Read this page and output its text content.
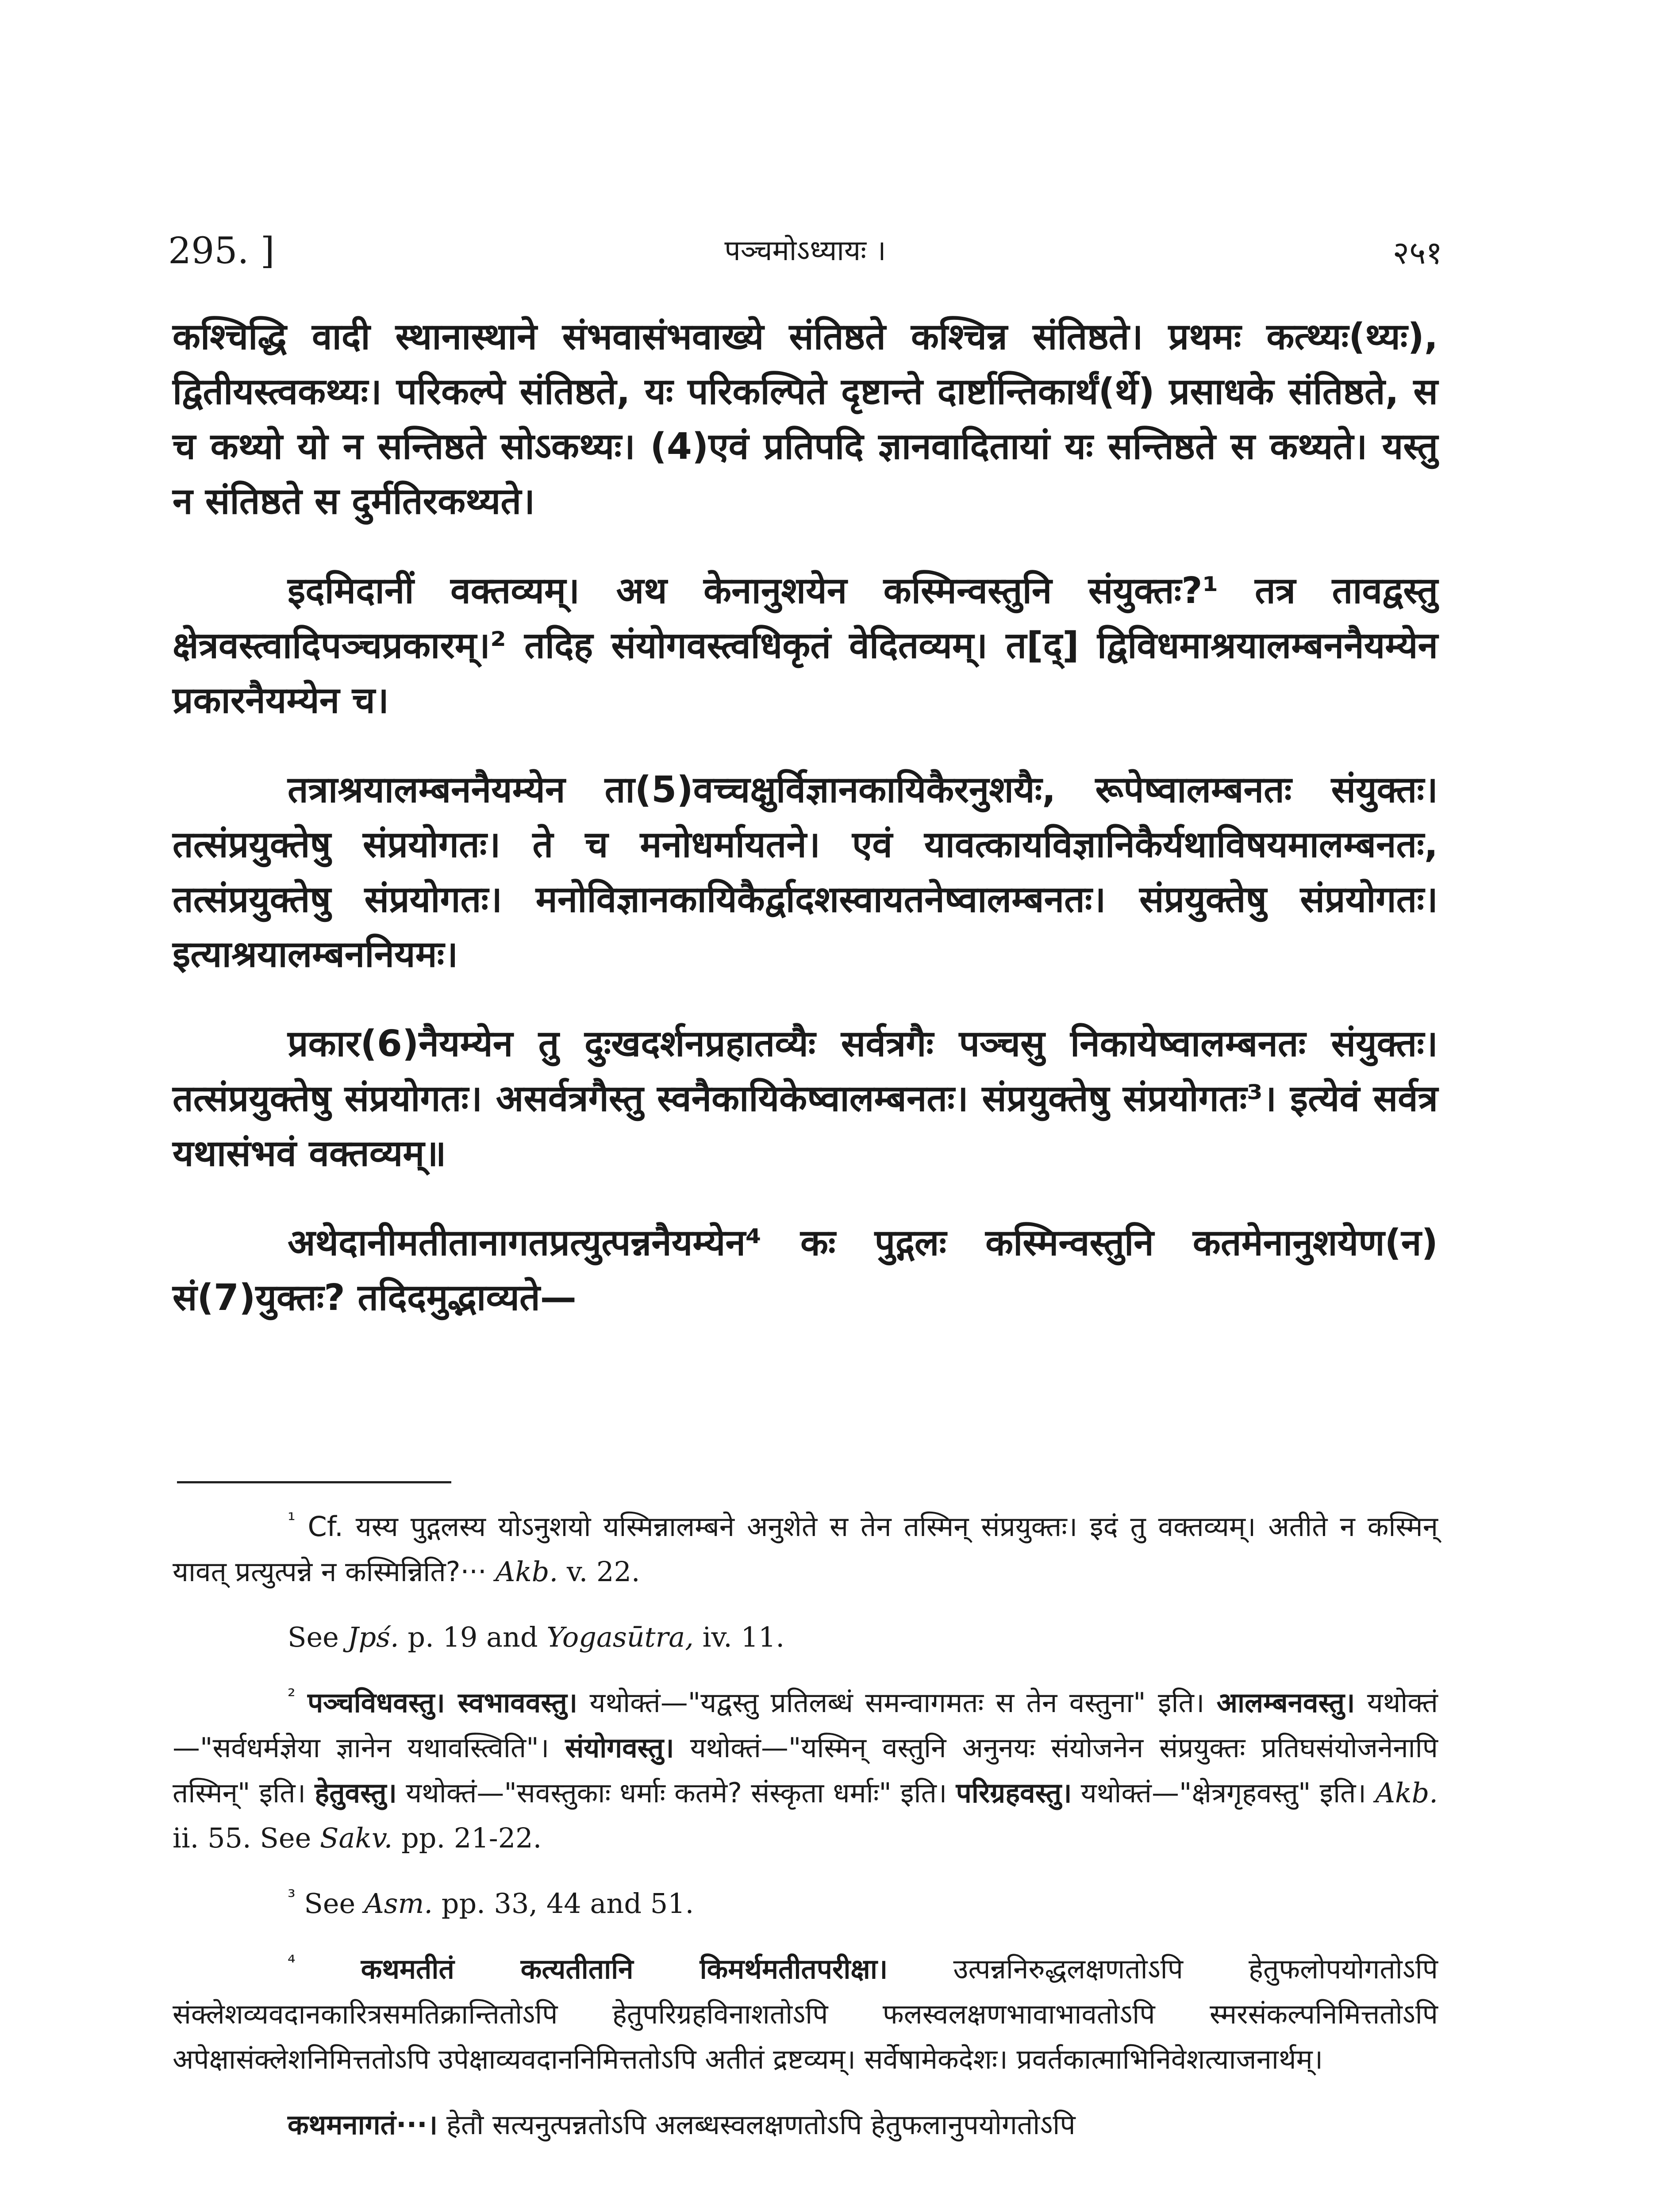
295. ]	पञ्चमोऽध्यायः ।	२५१

कश्चिद्धि वादी स्थानास्थाने संभवासंभवाख्ये संतिष्ठते कश्चिन्न संतिष्ठते। प्रथमः कत्थ्यः(थ्यः), द्वितीयस्त्वकथ्यः। परिकल्पे संतिष्ठते, यः परिकल्पिते दृष्टान्ते दार्ष्टान्तिकार्थं(र्थे) प्रसाधके संतिष्ठते, स च कथ्यो यो न सन्तिष्ठते सोऽकथ्यः। (4)एवं प्रतिपदि ज्ञानवादितायां यः सन्तिष्ठते स कथ्यते। यस्तु न संतिष्ठते स दुर्मतिरकथ्यते।

इदमिदानीं वक्तव्यम्। अथ केनानुशयेन कस्मिन्वस्तुनि संयुक्तः?¹ तत्र तावद्वस्तु क्षेत्रवस्त्वादिपञ्चप्रकारम्।² तदिह संयोगवस्त्वधिकृतं वेदितव्यम्। त[द्] द्विविधमाश्रयालम्बननैयम्येन प्रकारनैयम्येन च।

तत्राश्रयालम्बननैयम्येन ता(5)वच्चक्षुर्विज्ञानकायिकैरनुशयैः, रूपेष्वालम्बनतः संयुक्तः। तत्संप्रयुक्तेषु संप्रयोगतः। ते च मनोधर्मायतने। एवं यावत्कायविज्ञानिकैर्यथाविषयमालम्बनतः, तत्संप्रयुक्तेषु संप्रयोगतः। मनोविज्ञानकायिकैर्द्वादशस्वायतनेष्वालम्बनतः। संप्रयुक्तेषु संप्रयोगतः। इत्याश्रयालम्बननियमः।

प्रकार(6)नैयम्येन तु दुःखदर्शनप्रहातव्यैः सर्वत्रगैः पञ्चसु निकायेष्वालम्बनतः संयुक्तः। तत्संप्रयुक्तेषु संप्रयोगतः। असर्वत्रगैस्तु स्वनैकायिकेष्वालम्बनतः। संप्रयुक्तेषु संप्रयोगतः³। इत्येवं सर्वत्र यथासंभवं वक्तव्यम्॥

अथेदानीमतीतानागतप्रत्युत्पन्ननैयम्येन⁴ कः पुद्गलः कस्मिन्वस्तुनि कतमेनानुशयेण(न) सं(7)युक्तः? तदिदमुद्भाव्यते—

$^{^1}$ Cf. यस्य पुद्गलस्य योऽनुशयो यस्मिन्नालम्बने अनुशेते स तेन तस्मिन् संप्रयुक्तः। इदं तु वक्तव्यम्। अतीते न कस्मिन् यावत् प्रत्युत्पन्ने न कस्मिन्निति?··· Akb. v. 22.

See Jpś. p. 19 and Yogasūtra, iv. 11.

$^{^2}$ पञ्चविधवस्तु। स्वभाववस्तु। यथोक्तं—"यद्वस्तु प्रतिलब्धं समन्वागमतः स तेन वस्तुना" इति। आलम्बनवस्तु। यथोक्तं—"सर्वधर्मज्ञेया ज्ञानेन यथावस्त्विति"। संयोगवस्तु। यथोक्तं—"यस्मिन् वस्तुनि अनुनयः संयोजनेन संप्रयुक्तः प्रतिघसंयोजनेनापि तस्मिन्" इति। हेतुवस्तु। यथोक्तं—"सवस्तुकाः धर्माः कतमे? संस्कृता धर्माः" इति। परिग्रहवस्तु। यथोक्तं—"क्षेत्रगृहवस्तु" इति। Akb. ii. 55. See Sakv. pp. 21-22.

$^{^3}$ See Asm. pp. 33, 44 and 51.

$^{^4}$ कथमतीतं कत्यतीतानि किमर्थमतीतपरीक्षा। उत्पन्ननिरुद्धलक्षणतोऽपि हेतुफलोपयोगतोऽपि संक्लेशव्यवदानकारित्रसमतिक्रान्तितोऽपि हेतुपरिग्रहविनाशतोऽपि फलस्वलक्षणभावाभावतोऽपि स्मरसंकल्पनिमित्ततोऽपि अपेक्षासंक्लेशनिमित्ततोऽपि उपेक्षाव्यवदाननिमित्ततोऽपि अतीतं द्रष्टव्यम्। सर्वेषामेकदेशः। प्रवर्तकात्माभिनिवेशत्याजनार्थम्।

कथमनागतं···। हेतौ सत्यनुत्पन्नतोऽपि अलब्धस्वलक्षणतोऽपि हेतुफलानुपयोगतोऽपि
